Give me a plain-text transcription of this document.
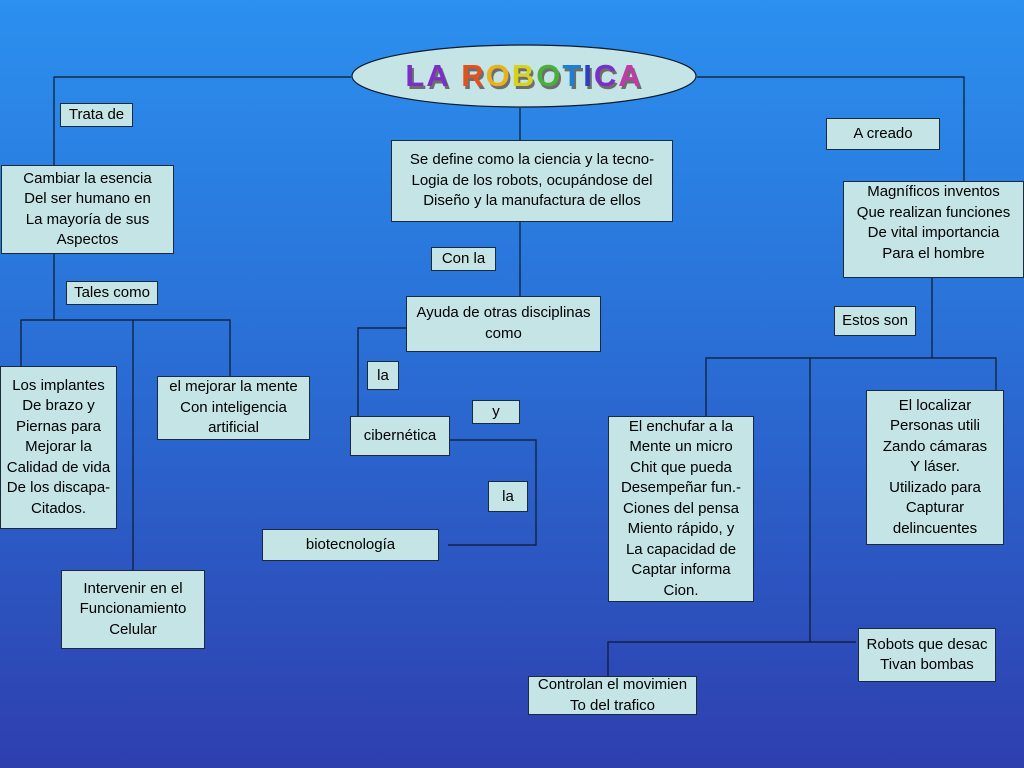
LA ROBOTICA
Trata de
Cambiar la esencia
Del ser humano en
La mayoría de sus
Aspectos
Tales como
Los implantes
De brazo y
Piernas para
Mejorar la
Calidad de vida
De los discapa-
Citados.
el mejorar la mente
Con inteligencia
artificial
Intervenir en el
Funcionamiento
Celular
Se define como la ciencia y la tecno-
Logia de los robots, ocupándose del
Diseño y la manufactura de ellos
Con la
Ayuda de otras disciplinas
como
la
cibernética
y
la
biotecnología
A creado
Magníficos inventos
Que realizan funciones
De vital importancia
Para el hombre
Estos son
El enchufar a la
Mente un micro
Chit que pueda
Desempeñar fun.-
Ciones del pensa
Miento rápido, y
La capacidad de
Captar informa
Cion.
El localizar
Personas utili
Zando cámaras
Y láser.
Utilizado para
Capturar
delincuentes
Robots que desac
Tivan bombas
Controlan el movimien
To del trafico
